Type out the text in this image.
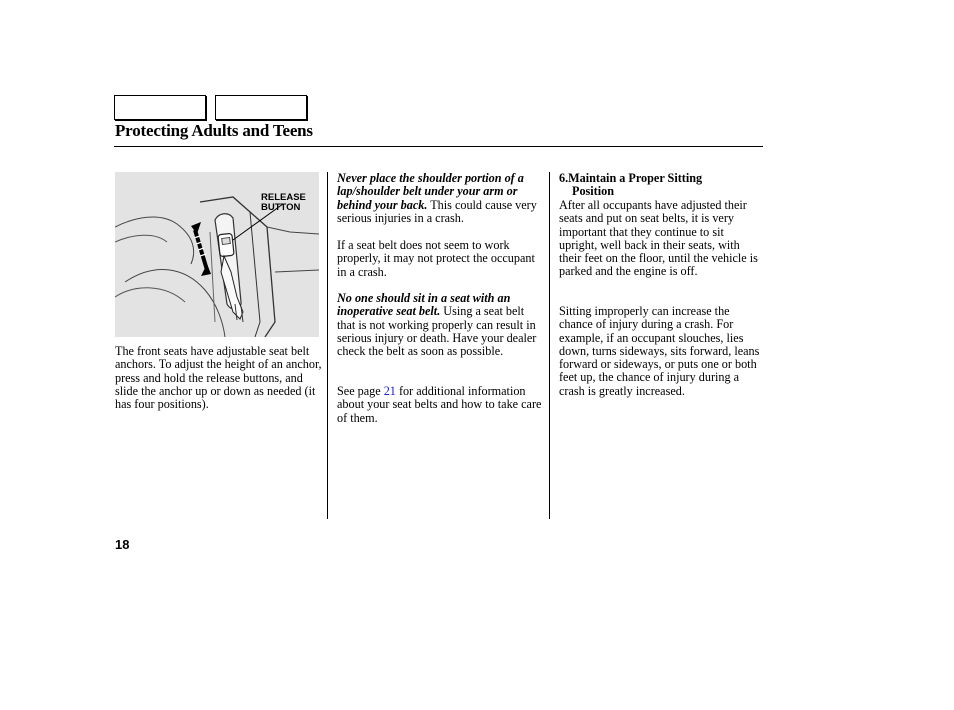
Protecting Adults and Teens
RELEASE
BUTTON

The front seats have adjustable seat belt anchors. To adjust the height of an anchor, press and hold the release buttons, and slide the anchor up or down as needed (it has four positions).

Never place the shoulder portion of a lap/shoulder belt under your arm or behind your back. This could cause very serious injuries in a crash.

If a seat belt does not seem to work properly, it may not protect the occupant in a crash.

No one should sit in a seat with an inoperative seat belt. Using a seat belt that is not working properly can result in serious injury or death. Have your dealer check the belt as soon as possible.

See page 21 for additional information about your seat belts and how to take care of them.

6.Maintain a Proper Sitting
Position

After all occupants have adjusted their seats and put on seat belts, it is very important that they continue to sit upright, well back in their seats, with their feet on the floor, until the vehicle is parked and the engine is off.

Sitting improperly can increase the chance of injury during a crash. For example, if an occupant slouches, lies down, turns sideways, sits forward, leans forward or sideways, or puts one or both feet up, the chance of injury during a crash is greatly increased.

18
